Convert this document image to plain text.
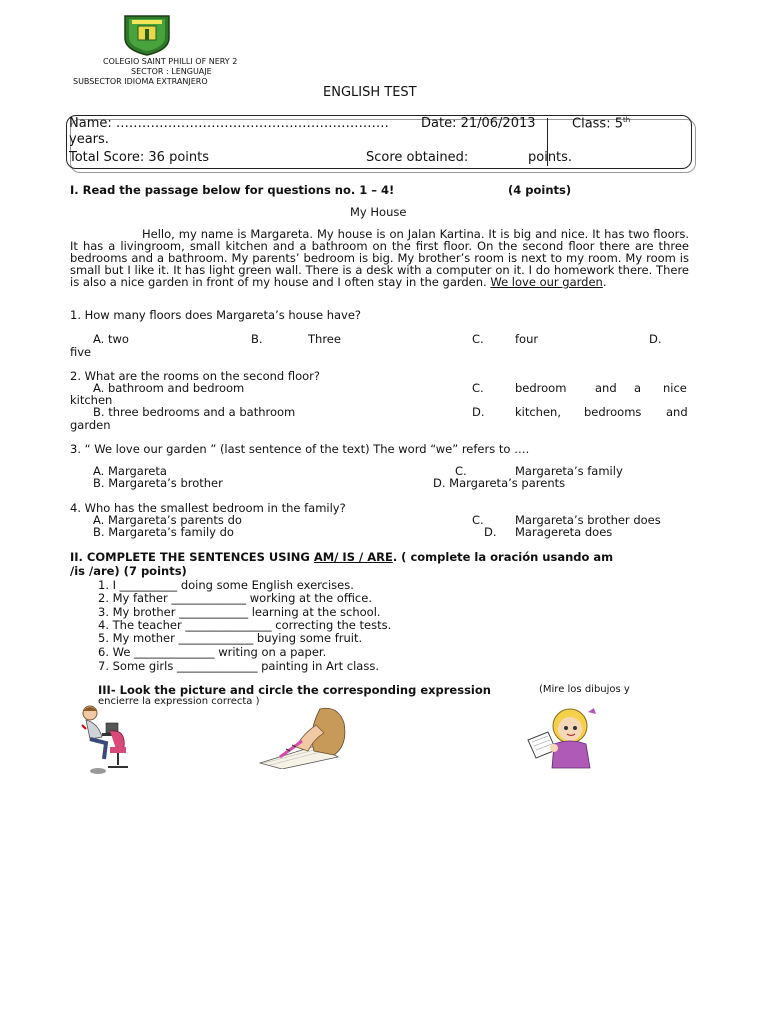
COLEGIO SAINT PHILLI OF NERY 2
SECTOR : LENGUAJE
SUBSECTOR IDIOMA EXTRANJERO
ENGLISH TEST
Name: ……………………………………………………… Date: 21/06/2013	Class: 5th
years.
Total Score: 36 points	Score obtained:	points.
I. Read the passage below for questions no. 1 – 4!	(4 points)
My House
Hello, my name is Margareta. My house is on Jalan Kartina. It is big and nice. It has two floors. It has a livingroom, small kitchen and a bathroom on the first floor. On the second floor there are three bedrooms and a bathroom. My parents’ bedroom is big. My brother’s room is next to my room. My room is small but I like it. It has light green wall. There is a desk with a computer on it. I do homework there. There is also a nice garden in front of my house and I often stay in the garden. We love our garden.
1. How many floors does Margareta’s house have?
A. two	B.	Three	C.	four	D.
five
2. What are the rooms on the second floor?
A. bathroom and bedroom	C.	bedroom and a nice
kitchen
B. three bedrooms and a bathroom	D.	kitchen, bedrooms and
garden
3. “ We love our garden ” (last sentence of the text) The word “we” refers to ….
A. Margareta	C.	Margareta’s family
B. Margareta’s brother	D. Margareta’s parents
4. Who has the smallest bedroom in the family?
A. Margareta’s parents do	C.	Margareta’s brother does
B. Margareta’s family do	D. Maragereta does
II. COMPLETE THE SENTENCES USING AM/ IS / ARE. ( complete la oración usando am
/is /are) (7 points)
1. I __________ doing some English exercises.
2. My father _____________ working at the office.
3. My brother ____________ learning at the school.
4. The teacher _______________ correcting the tests.
5. My mother _____________ buying some fruit.
6. We ______________ writing on a paper.
7. Some girls ______________ painting in Art class.
III- Look the picture and circle the corresponding expression	(Mire los dibujos y
encierre la expression correcta )
